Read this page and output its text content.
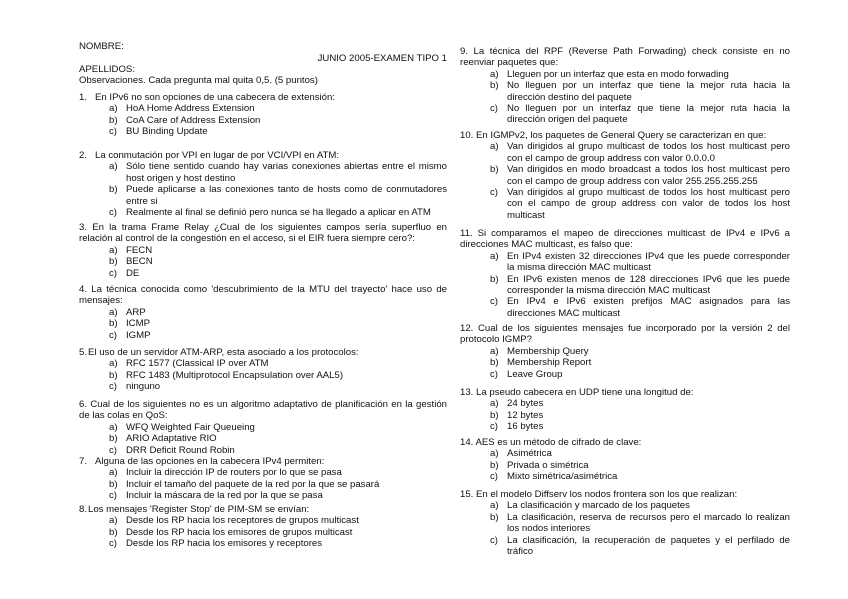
NOMBRE:
JUNIO 2005-EXAMEN TIPO 1
APELLIDOS:
Observaciones. Cada pregunta mal quita 0,5. (5 puntos)
1. En IPv6 no son opciones de una cabecera de extensión:
a) HoA Home Address Extension
b) CoA Care of Address Extension
c) BU Binding Update
2. La conmutación por VPI en lugar de por VCI/VPI en ATM:
a) Sólo tiene sentido cuando hay varias conexiones abiertas entre el mismo host origen y host destino
b) Puede aplicarse a las conexiones tanto de hosts como de conmutadores entre si
c) Realmente al final se definió pero nunca se ha llegado a aplicar en ATM
3. En la trama Frame Relay ¿Cual de los siguientes campos sería superfluo en relación al control de la congestión en el acceso, si el EIR fuera siempre cero?:
a) FECN
b) BECN
c) DE
4. La técnica conocida como 'descubrimiento de la MTU del trayecto' hace uso de mensajes:
a) ARP
b) ICMP
c) IGMP
5.El uso de un servidor ATM-ARP, esta asociado a los protocolos:
a) RFC 1577 (Classical IP over ATM
b) RFC 1483 (Multiprotocol Encapsulation over AAL5)
c) ninguno
6. Cual de los siguientes no es un algoritmo adaptativo de planificación en la gestión de las colas en QoS:
a) WFQ Weighted Fair Queueing
b) ARIO Adaptative RIO
c) DRR Deficit Round Robin
7. Alguna de las opciones en la cabecera IPv4 permiten:
a) Incluir la dirección IP de routers por lo que se pasa
b) Incluir el tamaño del paquete de la red por la que se pasará
c) Incluir la máscara de la red por la que se pasa
8.Los mensajes 'Register Stop' de PIM-SM se envían:
a) Desde los RP hacia los receptores de grupos multicast
b) Desde los RP hacia los emisores de grupos multicast
c) Desde los RP hacia los emisores y receptores
9. La técnica del RPF (Reverse Path Forwading) check consiste en no reenviar paquetes que:
a) Lleguen por un interfaz que esta en modo forwading
b) No lleguen por un interfaz que tiene la mejor ruta hacia la dirección destino del paquete
c) No lleguen por un interfaz que tiene la mejor ruta hacia la dirección origen del paquete
10. En IGMPv2, los paquetes de General Query se caracterizan en que:
a) Van dirigidos al grupo multicast de todos los host multicast pero con el campo de group address con valor 0.0.0.0
b) Van dirigidos en modo broadcast a todos los host multicast pero con el campo de group address con valor 255.255.255.255
c) Van dirigidos al grupo multicast de todos los host multicast pero con el campo de group address con valor de todos los host multicast
11. Si comparamos el mapeo de direcciones multicast de IPv4 e IPv6 a direcciones MAC multicast, es falso que:
a) En IPv4 existen 32 direcciones IPv4 que les puede corresponder la misma dirección MAC multicast
b) En IPv6 existen menos de 128 direcciones IPv6 que les puede corresponder la misma dirección MAC multicast
c) En IPv4 e IPv6 existen prefijos MAC asignados para las direcciones MAC multicast
12. Cual de los siguientes mensajes fue incorporado por la versión 2 del protocolo IGMP?
a) Membership Query
b) Membership Report
c) Leave Group
13. La pseudo cabecera en UDP tiene una longitud de:
a) 24 bytes
b) 12 bytes
c) 16 bytes
14. AES es un método de cifrado de clave:
a) Asimétrica
b) Privada o simétrica
c) Mixto simétrica/asimétrica
15. En el modelo Diffserv los nodos frontera son los que realizan:
a) La clasificación y marcado de los paquetes
b) La clasificación, reserva de recursos pero el marcado lo realizan los nodos interiores
c) La clasificación, la recuperación de paquetes y el perfilado de tráfico
